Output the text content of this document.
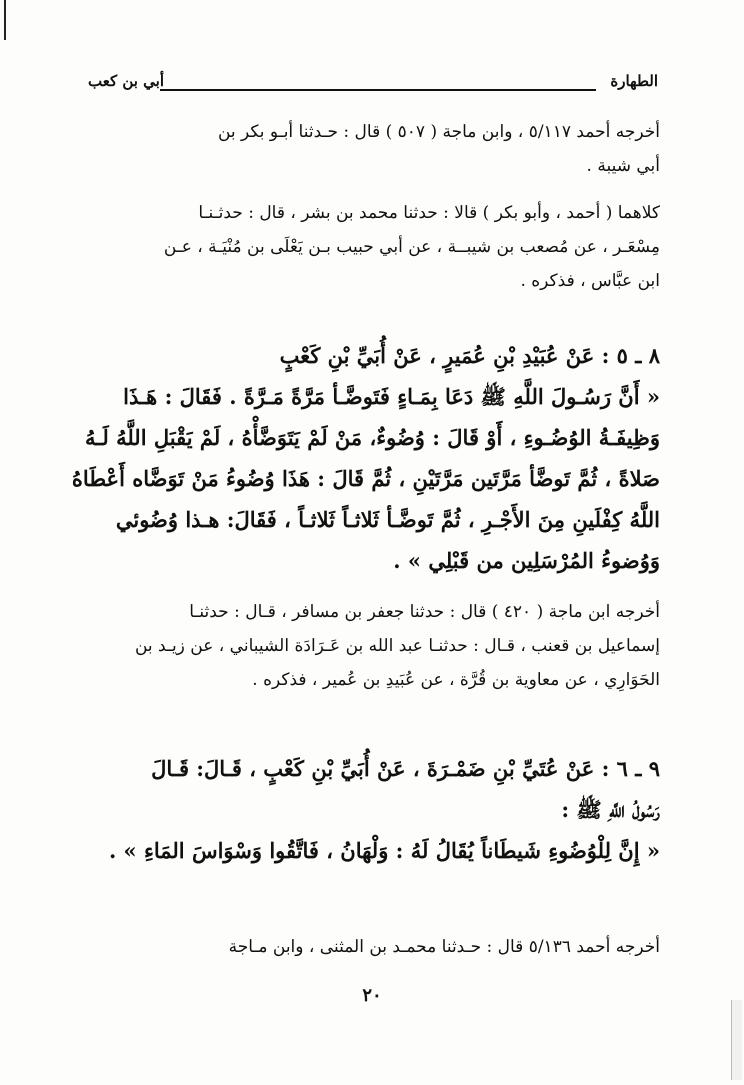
الطهارة
أبي بن كعب
أخرجه أحمد ٥/١١٧ ، وابن ماجة ( ٥٠٧ ) قال : حـدثنا أبـو بكر بن
أبي شيبة .
كلاهما ( أحمد ، وأبو بكر ) قالا : حدثنا محمد بن بشر ، قال : حدثـنـا
مِسْعَـر ، عن مُصعب بن شيبــة ، عن أبي حبيب بـن يَعْلَى بن مُنْيَـة ، عـن
ابن عبَّاس ، فذكره .
٨ ـ ٥ : عَنْ عُبَيْدِ بْنِ عُمَيرٍ ، عَنْ أُبَيِّ بْنِ كَعْبٍ
« أَنَّ رَسُـولَ اللَّهِ ﷺ دَعَا بِمَـاءٍ فَتَوضَّـأ مَرَّةً مَـرَّةً . فَقَالَ : هَـذَا
وَظِيفَـةُ الوُضُـوءِ ، أَوْ قَالَ : وُضُوءٌ، مَنْ لَمْ يَتَوَضَّأْهُ ، لَمْ يَقْبَلِ اللَّهُ لَـهُ
صَلاةً ، ثُمَّ تَوضَّأ مَرَّتَين مَرَّتَيْنِ ، ثُمَّ قَالَ : هَذَا وُضُوءُ مَنْ تَوَضَّاه أَعْطَاهُ
اللَّهُ كِفْلَينِ مِنَ الأَجْـرِ ، ثُمَّ تَوضَّـأ ثَلاثـاً ثَلاثـاً ، فَقَالَ: هـذا وُضُوئي
وَوُضوءُ المُرْسَلِين من قَبْلِي » .
أخرجه ابن ماجة ( ٤٢٠ ) قال : حدثنا جعفر بن مسافر ، قـال : حدثنـا
إسماعيل بن قعنب ، قـال : حدثنـا عبد الله بن عَـرَادَة الشيباني ، عن زيـد بن
الحَوَارِي ، عن معاوية بن قُرَّة ، عن عُبَيدِ بن عُمير ، فذكره .
٩ ـ ٦ : عَنْ عُتَيِّ بْنِ ضَمْـرَةَ ، عَنْ أُبَيِّ بْنِ كَعْبٍ ، قَـالَ: قَـالَ
رَسُولُ اللَّهِ ﷺ :
« إِنَّ لِلْوُضُوءِ شَيطَاناً يُقَالُ لَهُ : وَلْهَانُ ، فَاتَّقُوا وَسْوَاسَ المَاءِ » .
أخرجه أحمد ٥/١٣٦ قال : حـدثنا محمـد بن المثنى ، وابن مـاجة
٢٠
